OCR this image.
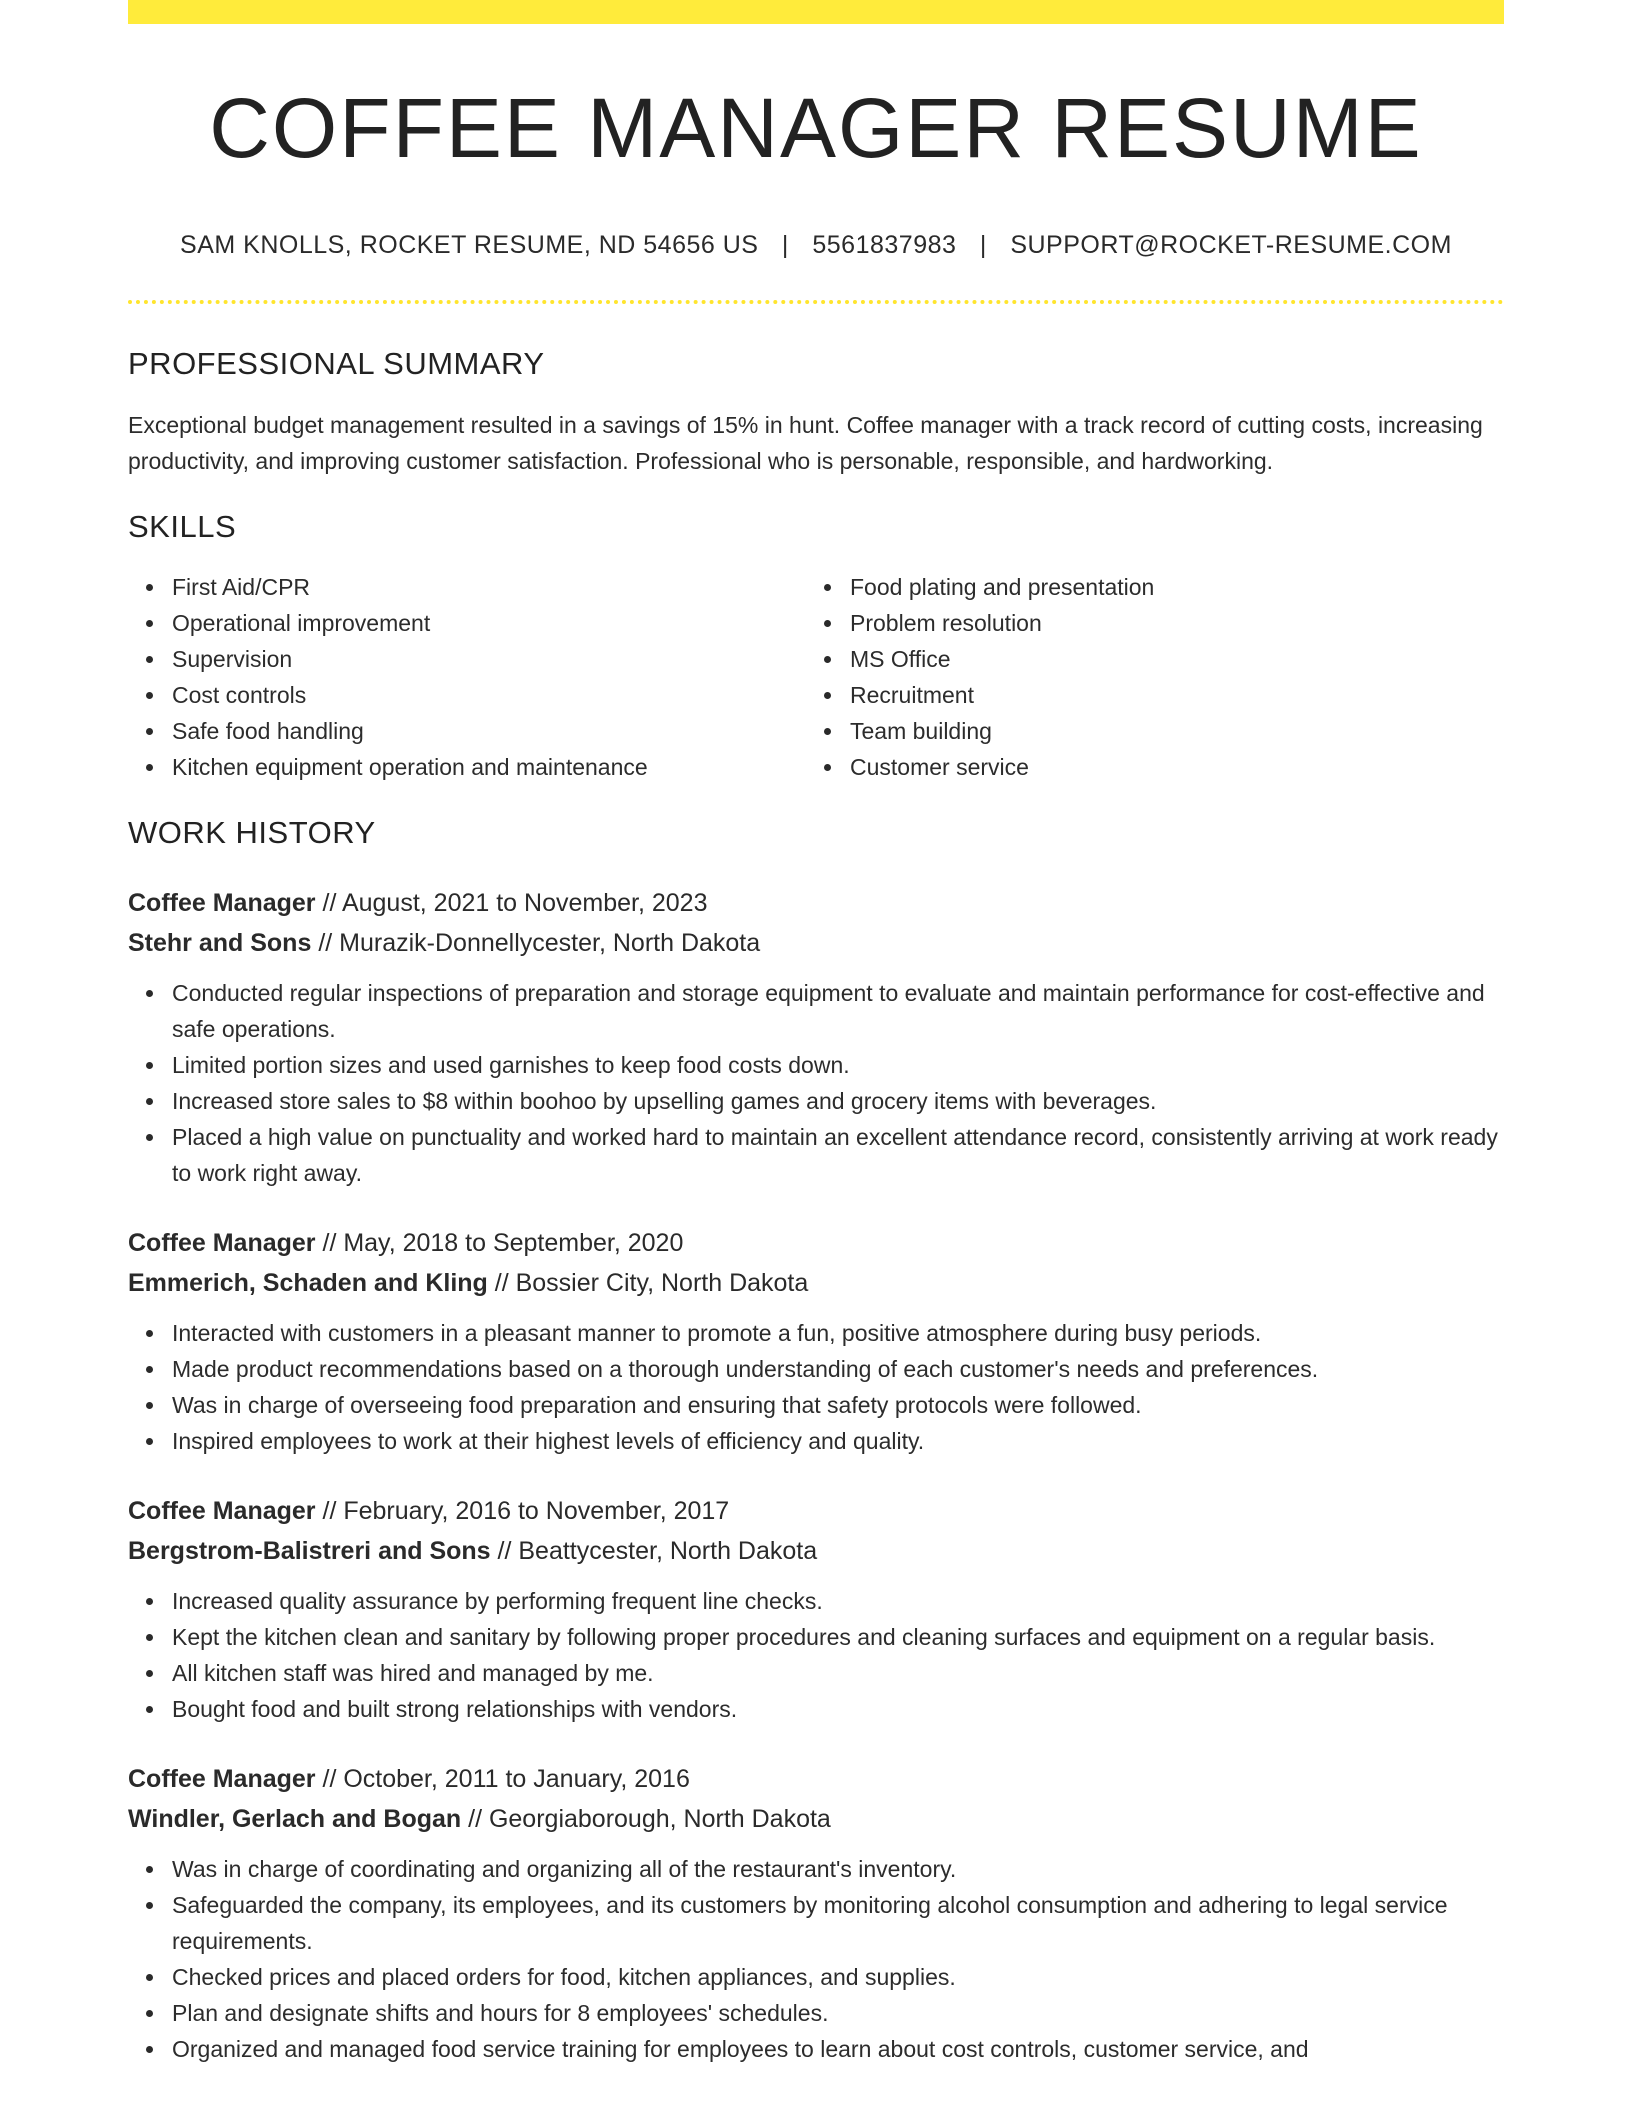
COFFEE MANAGER RESUME
SAM KNOLLS, ROCKET RESUME, ND 54656 US | 5561837983 | SUPPORT@ROCKET-RESUME.COM
PROFESSIONAL SUMMARY
Exceptional budget management resulted in a savings of 15% in hunt. Coffee manager with a track record of cutting costs, increasing productivity, and improving customer satisfaction. Professional who is personable, responsible, and hardworking.
SKILLS
First Aid/CPR
Operational improvement
Supervision
Cost controls
Safe food handling
Kitchen equipment operation and maintenance
Food plating and presentation
Problem resolution
MS Office
Recruitment
Team building
Customer service
WORK HISTORY
Coffee Manager // August, 2021 to November, 2023
Stehr and Sons // Murazik-Donnellycester, North Dakota
Conducted regular inspections of preparation and storage equipment to evaluate and maintain performance for cost-effective and safe operations.
Limited portion sizes and used garnishes to keep food costs down.
Increased store sales to $8 within boohoo by upselling games and grocery items with beverages.
Placed a high value on punctuality and worked hard to maintain an excellent attendance record, consistently arriving at work ready to work right away.
Coffee Manager // May, 2018 to September, 2020
Emmerich, Schaden and Kling // Bossier City, North Dakota
Interacted with customers in a pleasant manner to promote a fun, positive atmosphere during busy periods.
Made product recommendations based on a thorough understanding of each customer's needs and preferences.
Was in charge of overseeing food preparation and ensuring that safety protocols were followed.
Inspired employees to work at their highest levels of efficiency and quality.
Coffee Manager // February, 2016 to November, 2017
Bergstrom-Balistreri and Sons // Beattycester, North Dakota
Increased quality assurance by performing frequent line checks.
Kept the kitchen clean and sanitary by following proper procedures and cleaning surfaces and equipment on a regular basis.
All kitchen staff was hired and managed by me.
Bought food and built strong relationships with vendors.
Coffee Manager // October, 2011 to January, 2016
Windler, Gerlach and Bogan // Georgiaborough, North Dakota
Was in charge of coordinating and organizing all of the restaurant's inventory.
Safeguarded the company, its employees, and its customers by monitoring alcohol consumption and adhering to legal service requirements.
Checked prices and placed orders for food, kitchen appliances, and supplies.
Plan and designate shifts and hours for 8 employees' schedules.
Organized and managed food service training for employees to learn about cost controls, customer service, and
